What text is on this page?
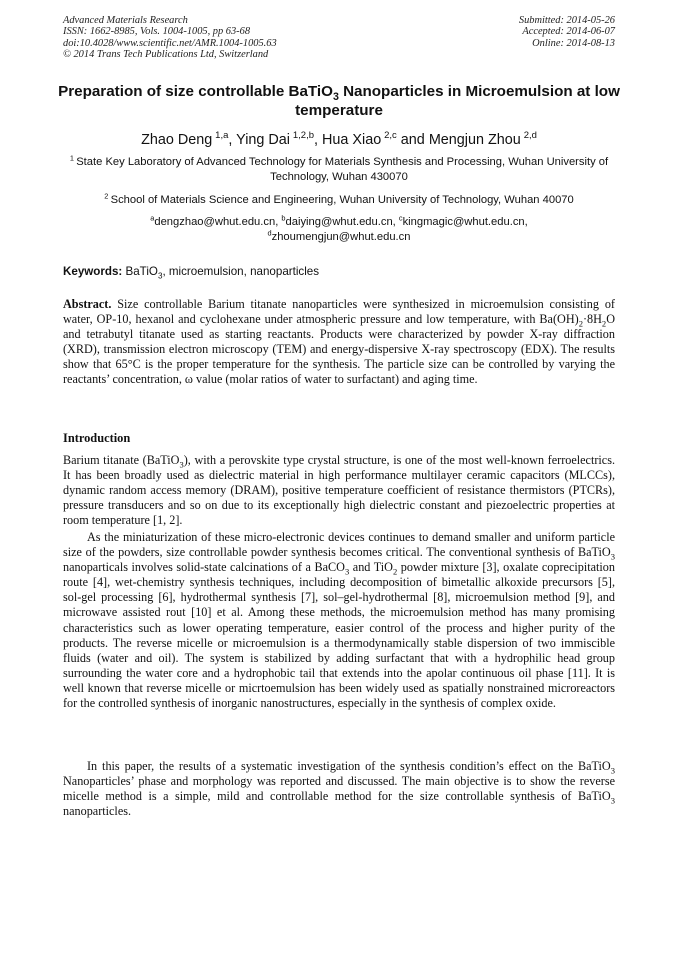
Advanced Materials Research
ISSN: 1662-8985, Vols. 1004-1005, pp 63-68
doi:10.4028/www.scientific.net/AMR.1004-1005.63
© 2014 Trans Tech Publications Ltd, Switzerland
Submitted: 2014-05-26
Accepted: 2014-06-07
Online: 2014-08-13
Preparation of size controllable BaTiO$_3$ Nanoparticles in Microemulsion at low temperature
Zhao Deng  $^{1,a}$, Ying Dai  $^{1,2,b}$, Hua Xiao  $^{2,c}$ and Mengjun Zhou  $^{2,d}$
$^1$  State Key Laboratory of Advanced Technology for Materials Synthesis and Processing, Wuhan University of Technology, Wuhan 430070
$^2$  School of Materials Science and Engineering, Wuhan University of Technology, Wuhan 40070
$^a$dengzhao@whut.edu.cn, $^b$daiying@whut.edu.cn, $^c$kingmagic@whut.edu.cn,
$^d$zhoumengjun@whut.edu.cn
Keywords: BaTiO$_3$, microemulsion, nanoparticles
Abstract. Size controllable Barium titanate nanoparticles were synthesized in microemulsion consisting of water, OP-10, hexanol and cyclohexane under atmospheric pressure and low temperature, with $Ba(OH)_2\cdot 8H_2O$ and tetrabutyl titanate used as starting reactants. Products were characterized by powder X-ray diffraction (XRD), transmission electron microscopy (TEM) and energy-dispersive X-ray spectroscopy (EDX). The results show that 65°C is the proper temperature for the synthesis. The particle size can be controlled by varying the reactants’ concentration, ω value (molar ratios of water to surfactant) and aging time.
Introduction

Barium titanate (BaTiO$_3$), with a perovskite type crystal structure, is one of the most well-known ferroelectrics. It has been broadly used as dielectric material in high performance multilayer ceramic capacitors (MLCCs), dynamic random access memory (DRAM), positive temperature coefficient of resistance thermistors (PTCRs), pressure transducers and so on due to its exceptionally high dielectric constant and piezoelectric properties at room temperature [1, 2].

As the miniaturization of these micro-electronic devices continues to demand smaller and uniform particle size of the powders, size controllable powder synthesis becomes critical. The conventional synthesis of BaTiO$_3$ nanoparticals involves solid-state calcinations of a BaCO$_3$ and TiO$_2$ powder mixture [3], oxalate coprecipitation route [4], wet-chemistry synthesis techniques, including decomposition of bimetallic alkoxide precursors [5], sol-gel processing [6], hydrothermal synthesis [7], sol–gel-hydrothermal [8], microemulsion method [9], and microwave assisted rout [10] et al. Among these methods, the microemulsion method has many promising characteristics such as lower operating temperature, easier control of the process and higher purity of the products. The reverse micelle or microemulsion is a thermodynamically stable dispersion of two immiscible fluids (water and oil). The system is stabilized by adding surfactant that with a hydrophilic head group surrounding the water core and a hydrophobic tail that extends into the apolar continuous oil phase [11]. It is well known that reverse micelle or micrtoemulsion has been widely used as spatially nonstrained microreactors for the controlled synthesis of inorganic nanostructures, especially in the synthesis of complex oxide.

In this paper, the results of a systematic investigation of the synthesis condition’s effect on the BaTiO$_3$ Nanoparticles’ phase and morphology was reported and discussed. The main objective is to show the reverse micelle method is a simple, mild and controllable method for the size controllable synthesis of BaTiO$_3$ nanoparticles.
